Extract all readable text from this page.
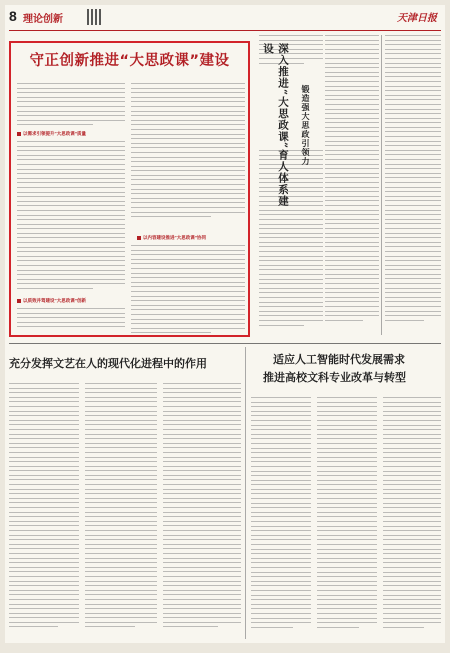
8 理论创新	天津日报
守正创新推进“大思政课”建设
以需求引领提升“大思政课”质量
以质效并驾建设“大思政课”创新
以内容建设推进“大思政课”协同
深入推进“大思政课”育人体系建设
锻造强大思政引领力
充分发挥文艺在人的现代化进程中的作用	适应人工智能时代发展需求
推进高校文科专业改革与转型
